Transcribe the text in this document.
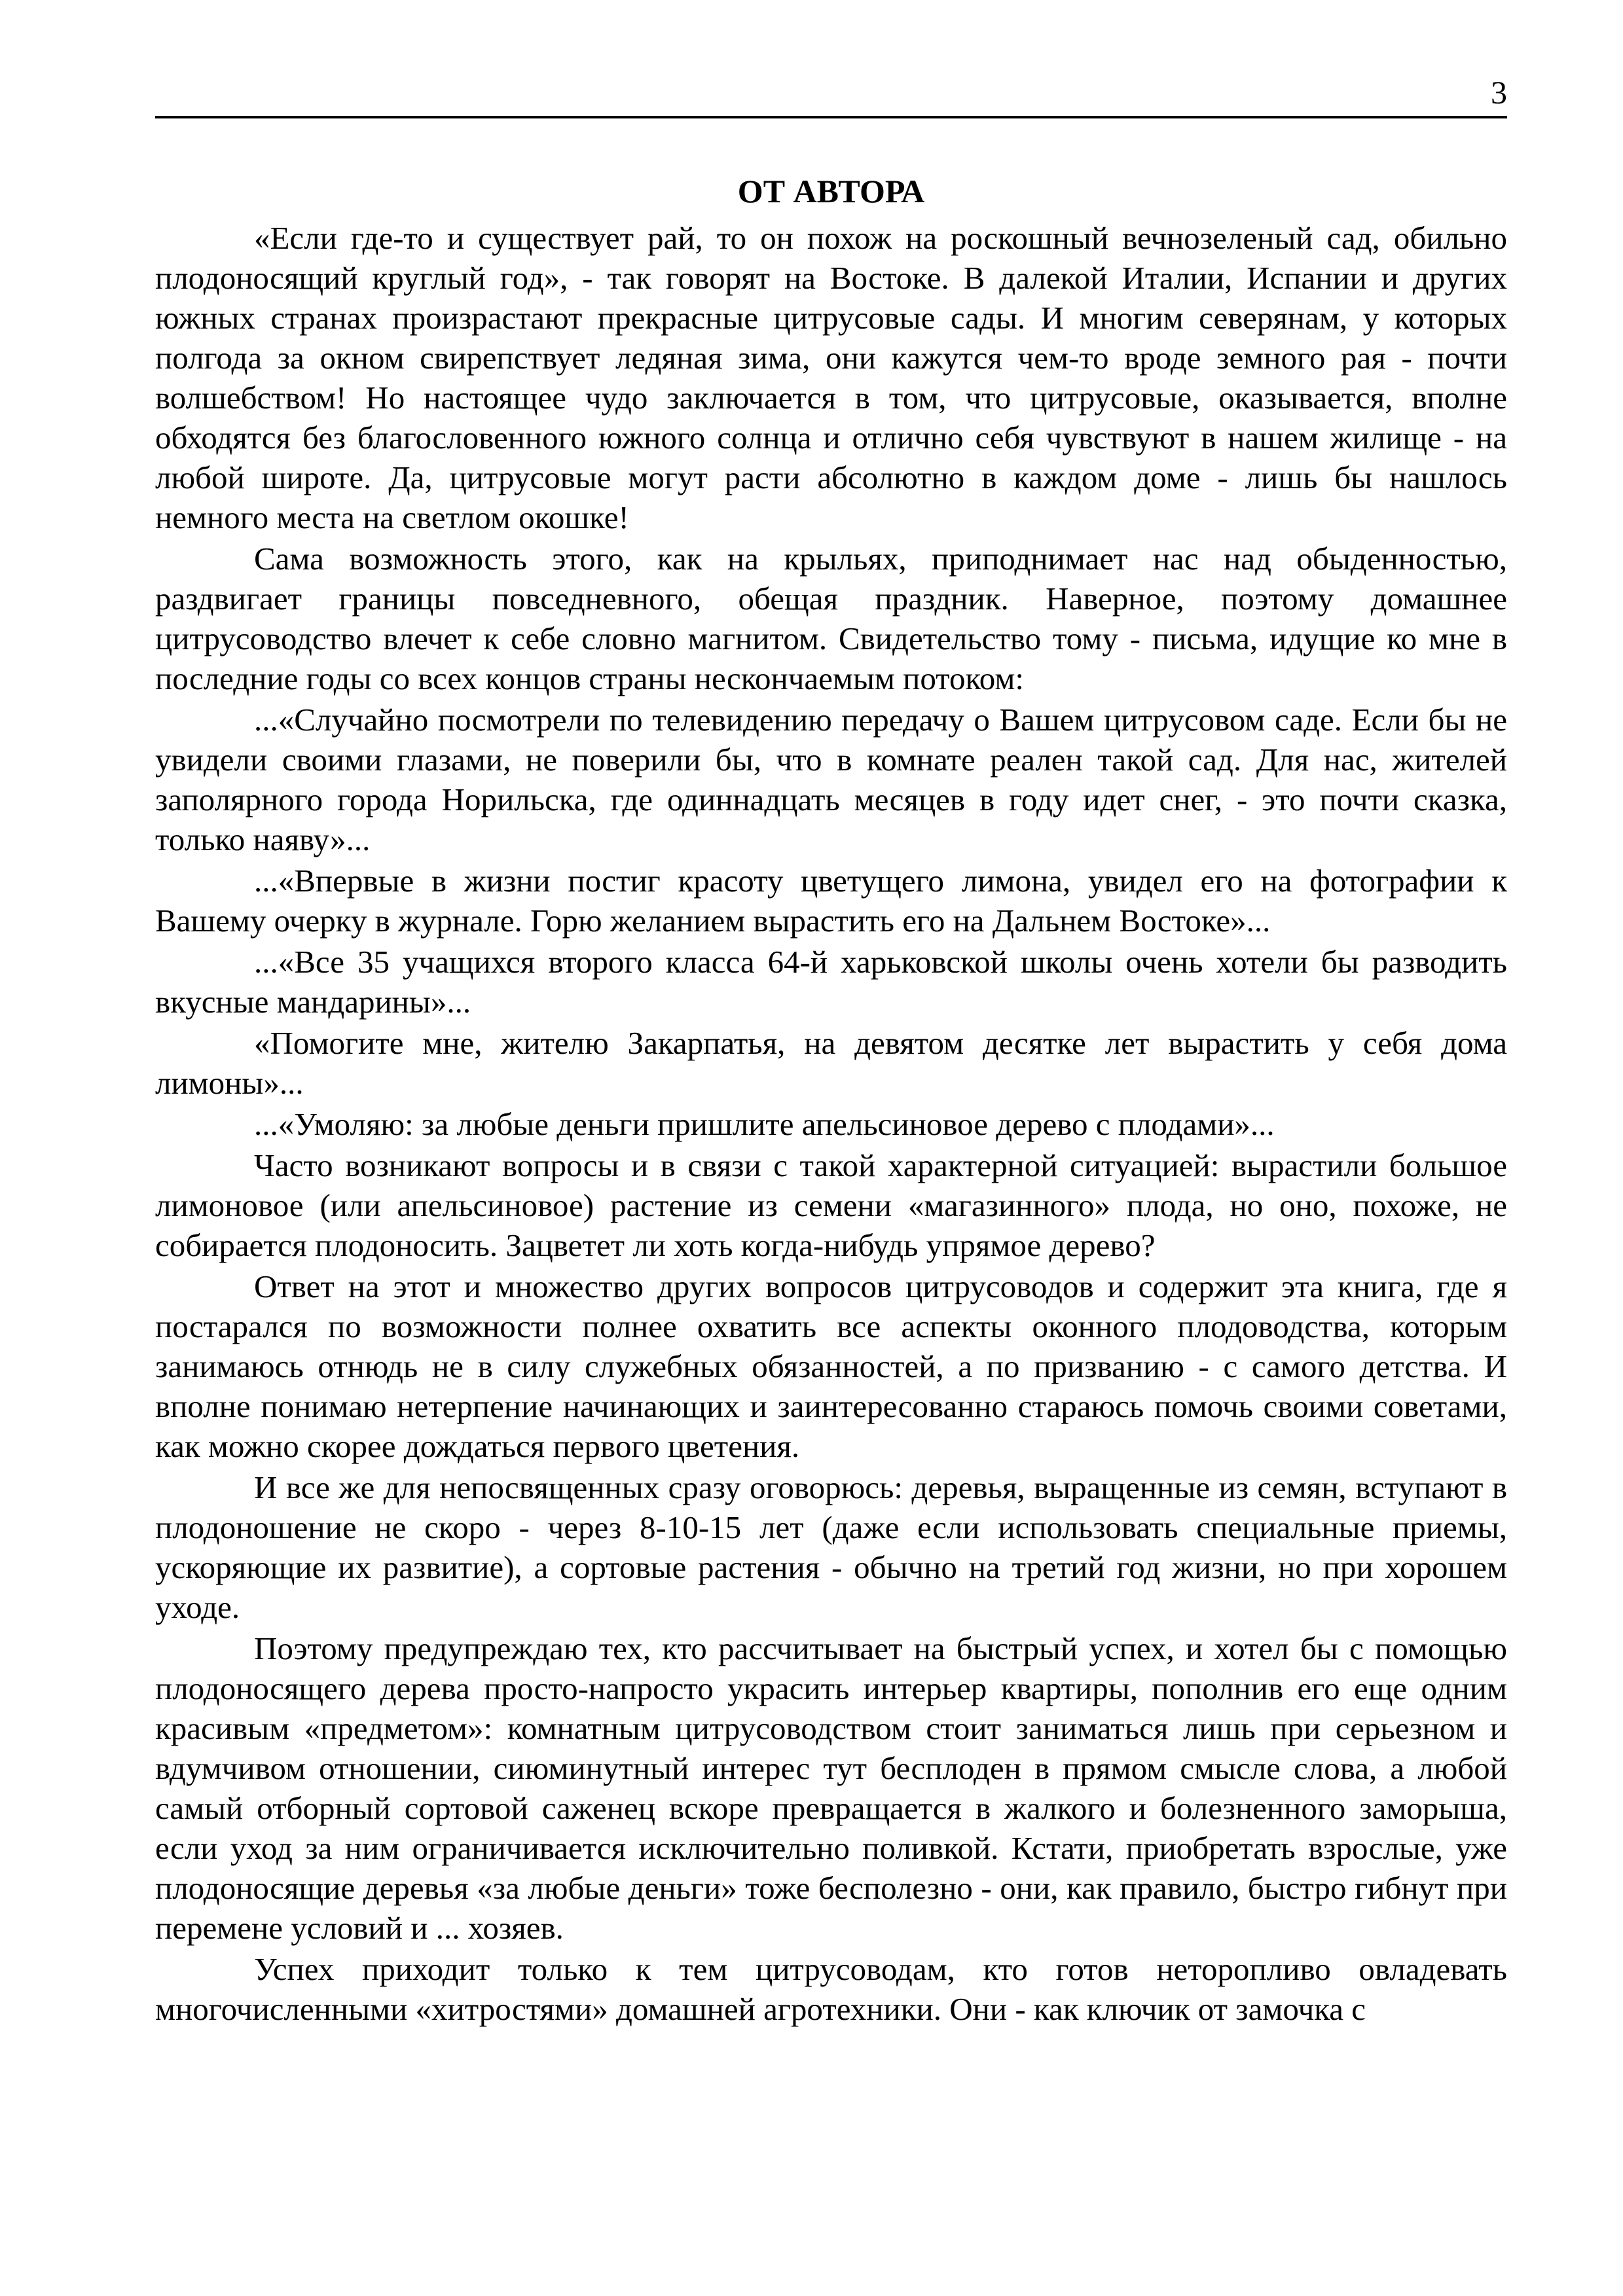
3
ОТ АВТОРА

«Если где-то и существует рай, то он похож на роскошный вечнозеленый сад, обильно плодоносящий круглый год», - так говорят на Востоке. В далекой Италии, Испании и других южных странах произрастают прекрасные цитрусовые сады. И многим северянам, у которых полгода за окном свирепствует ледяная зима, они кажутся чем-то вроде земного рая - почти волшебством! Но настоящее чудо заключается в том, что цитрусовые, оказывается, вполне обходятся без благословенного южного солнца и отлично себя чувствуют в нашем жилище - на любой широте. Да, цитрусовые могут расти абсолютно в каждом доме - лишь бы нашлось немного места на светлом окошке!

Сама возможность этого, как на крыльях, приподнимает нас над обыденностью, раздвигает границы повседневного, обещая праздник. Наверное, поэтому домашнее цитрусоводство влечет к себе словно магнитом. Свидетельство тому - письма, идущие ко мне в последние годы со всех концов страны нескончаемым потоком:

...«Случайно посмотрели по телевидению передачу о Вашем цитрусовом саде. Если бы не увидели своими глазами, не поверили бы, что в комнате реален такой сад. Для нас, жителей заполярного города Норильска, где одиннадцать месяцев в году идет снег, - это почти сказка, только наяву»...

...«Впервые в жизни постиг красоту цветущего лимона, увидел его на фотографии к Вашему очерку в журнале. Горю желанием вырастить его на Дальнем Востоке»...

...«Все 35 учащихся второго класса 64-й харьковской школы очень хотели бы разводить вкусные мандарины»...

«Помогите мне, жителю Закарпатья, на девятом десятке лет вырастить у себя дома лимоны»...

...«Умоляю: за любые деньги пришлите апельсиновое дерево с плодами»...

Часто возникают вопросы и в связи с такой характерной ситуацией: вырастили большое лимоновое (или апельсиновое) растение из семени «магазинного» плода, но оно, похоже, не собирается плодоносить. Зацветет ли хоть когда-нибудь упрямое дерево?

Ответ на этот и множество других вопросов цитрусоводов и содержит эта книга, где я постарался по возможности полнее охватить все аспекты оконного плодоводства, которым занимаюсь отнюдь не в силу служебных обязанностей, а по призванию - с самого детства. И вполне понимаю нетерпение начинающих и заинтересованно стараюсь помочь своими советами, как можно скорее дождаться первого цветения.

И все же для непосвященных сразу оговорюсь: деревья, выращенные из семян, вступают в плодоношение не скоро - через 8-10-15 лет (даже если использовать специальные приемы, ускоряющие их развитие), а сортовые растения - обычно на третий год жизни, но при хорошем уходе.

Поэтому предупреждаю тех, кто рассчитывает на быстрый успех, и хотел бы с помощью плодоносящего дерева просто-напросто украсить интерьер квартиры, пополнив его еще одним красивым «предметом»: комнатным цитрусоводством стоит заниматься лишь при серьезном и вдумчивом отношении, сиюминутный интерес тут бесплоден в прямом смысле слова, а любой самый отборный сортовой саженец вскоре превращается в жалкого и болезненного заморыша, если уход за ним ограничивается исключительно поливкой. Кстати, приобретать взрослые, уже плодоносящие деревья «за любые деньги» тоже бесполезно - они, как правило, быстро гибнут при перемене условий и ... хозяев.

Успех приходит только к тем цитрусоводам, кто готов неторопливо овладевать многочисленными «хитростями» домашней агротехники. Они - как ключик от замочка с
